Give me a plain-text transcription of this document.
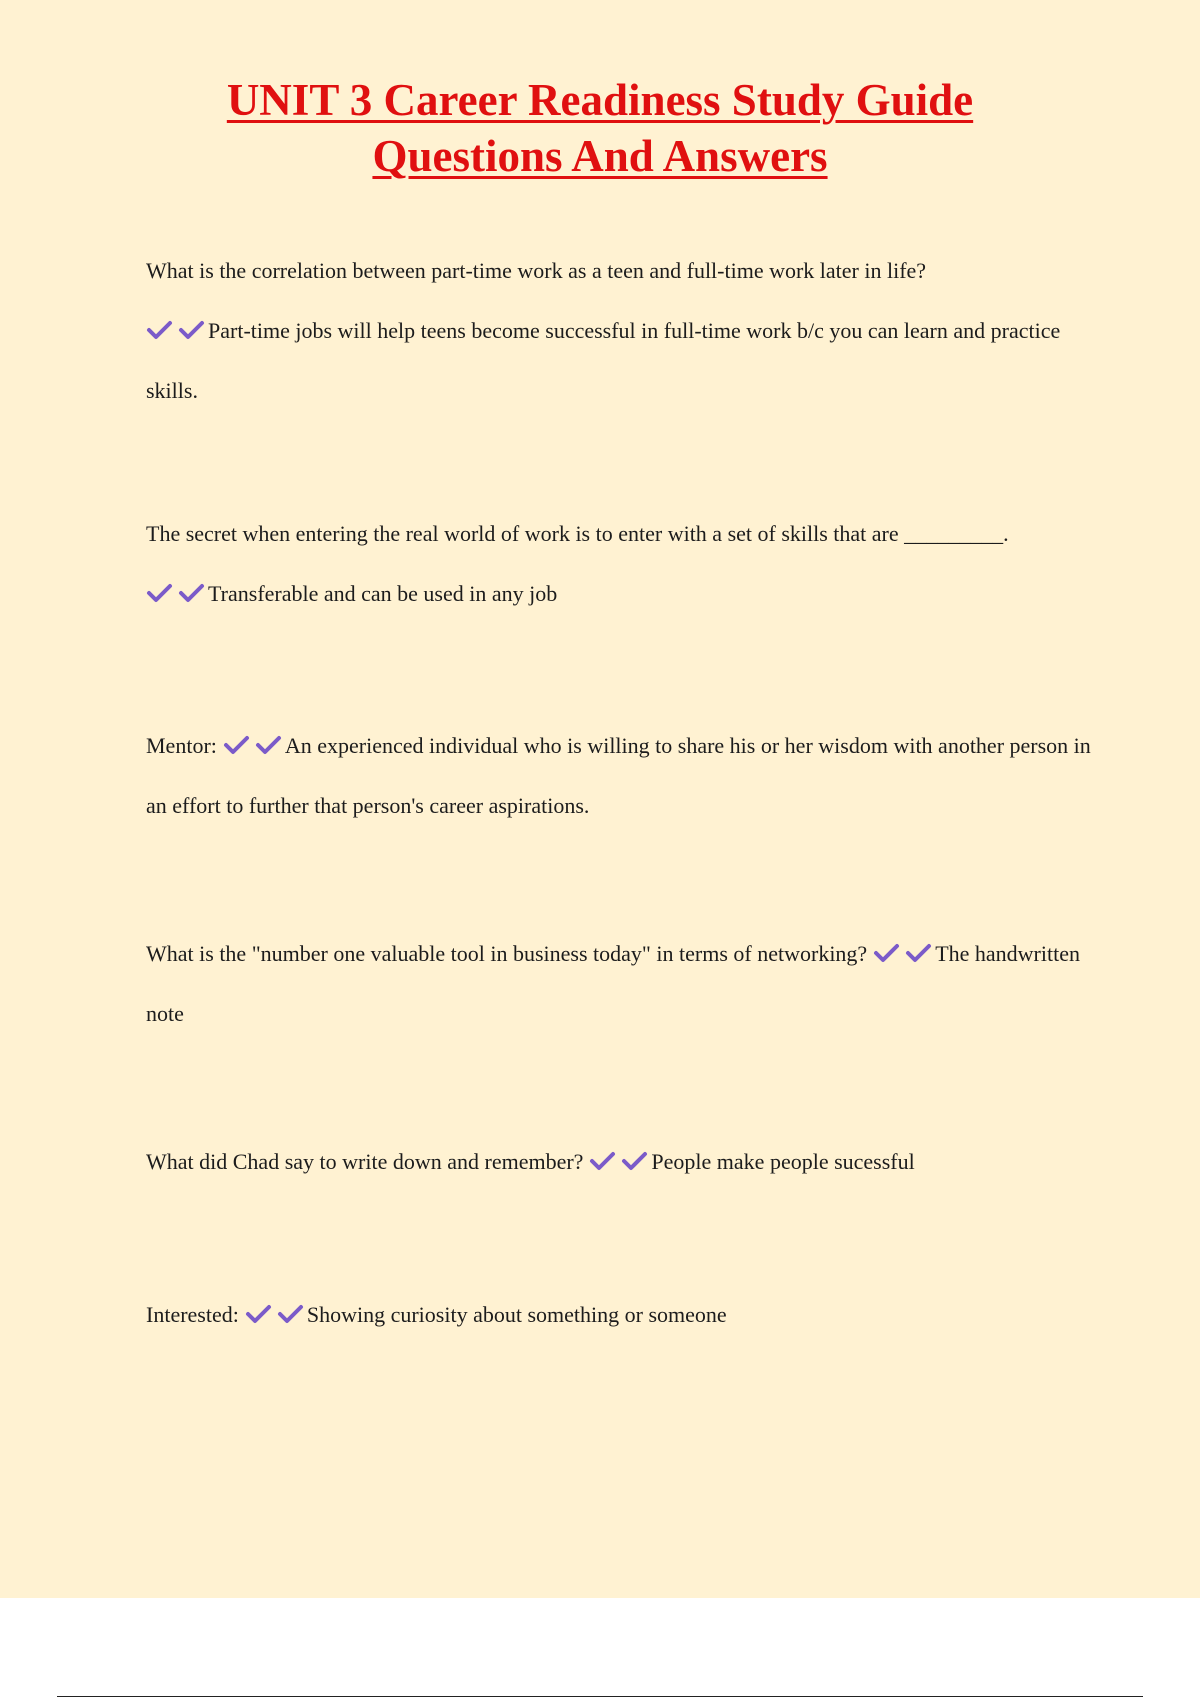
UNIT 3 Career Readiness Study Guide
Questions And Answers
What is the correlation between part-time work as a teen and full-time work later in life?
Part-time jobs will help teens become successful in full-time work b/c you can learn and practice skills.
The secret when entering the real world of work is to enter with a set of skills that are _________.
Transferable and can be used in any job
Mentor:	An experienced individual who is willing to share his or her wisdom with another person in an effort to further that person's career aspirations.
What is the "number one valuable tool in business today" in terms of networking?	The handwritten note
What did Chad say to write down and remember?	People make people sucessful
Interested:	Showing curiosity about something or someone
